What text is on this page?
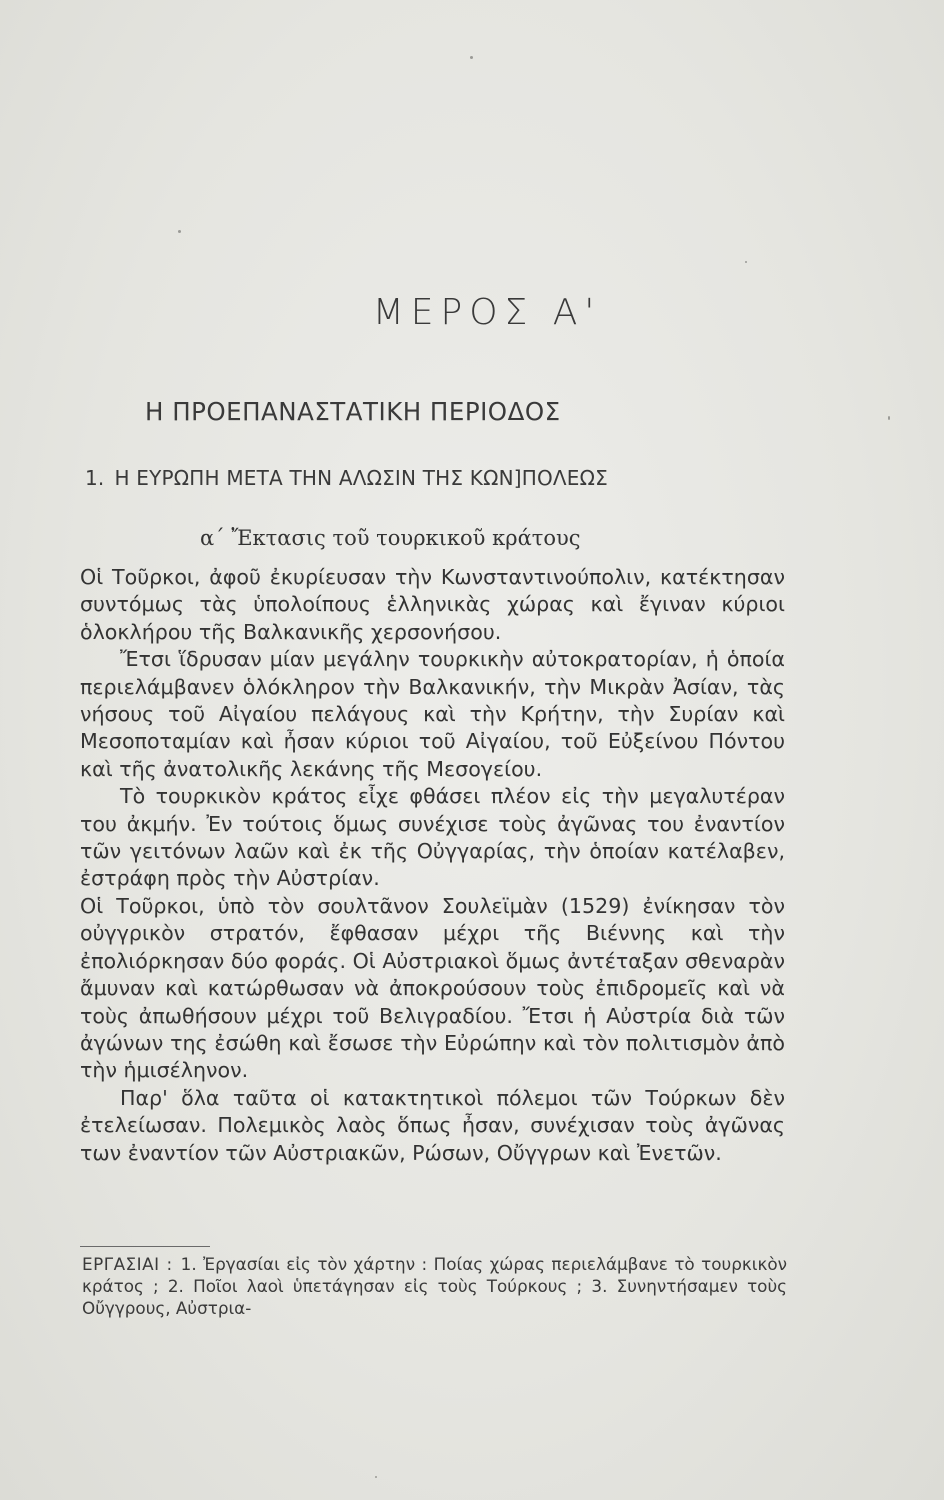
ΜΕΡΟΣ Α'
Η ΠΡΟΕΠΑΝΑΣΤΑΤΙΚΗ ΠΕΡΙΟΔΟΣ
1. Η ΕΥΡΩΠΗ ΜΕΤΑ ΤΗΝ ΑΛΩΣΙΝ ΤΗΣ ΚΩΝ]ΠΟΛΕΩΣ
α΄ Ἔκτασις τοῦ τουρκικοῦ κράτους

Οἱ Τοῦρκοι, ἀφοῦ ἐκυρίευσαν τὴν Κωνσταντινούπολιν, κατέκτησαν συντόμως τὰς ὑπολοίπους ἑλληνικὰς χώρας καὶ ἔγιναν κύριοι ὁλοκλήρου τῆς Βαλκανικῆς χερσονήσου.

Ἔτσι ἵδρυσαν μίαν μεγάλην τουρκικὴν αὐτοκρατορίαν, ἡ ὁποία περιελάμβανεν ὁλόκληρον τὴν Βαλκανικήν, τὴν Μικρὰν Ἀσίαν, τὰς νήσους τοῦ Αἰγαίου πελάγους καὶ τὴν Κρήτην, τὴν Συρίαν καὶ Μεσοποταμίαν καὶ ἦσαν κύριοι τοῦ Αἰγαίου, τοῦ Εὐξείνου Πόντου καὶ τῆς ἀνατολικῆς λεκάνης τῆς Μεσογείου.

Τὸ τουρκικὸν κράτος εἶχε φθάσει πλέον εἰς τὴν μεγαλυτέραν του ἀκμήν. Ἐν τούτοις ὅμως συνέχισε τοὺς ἀγῶνας του ἐναντίον τῶν γειτόνων λαῶν καὶ ἐκ τῆς Οὐγγαρίας, τὴν ὁποίαν κατέλαβεν, ἐστράφη πρὸς τὴν Αὐστρίαν.

Οἱ Τοῦρκοι, ὑπὸ τὸν σουλτᾶνον Σουλεϊμὰν (1529) ἐνίκησαν τὸν οὐγγρικὸν στρατόν, ἔφθασαν μέχρι τῆς Βιέννης καὶ τὴν ἐπολιόρκησαν δύο φοράς. Οἱ Αὐστριακοὶ ὅμως ἀντέταξαν σθεναρὰν ἄμυναν καὶ κατώρθωσαν νὰ ἀποκρούσουν τοὺς ἐπιδρομεῖς καὶ νὰ τοὺς ἀπωθήσουν μέχρι τοῦ Βελιγραδίου. Ἔτσι ἡ Αὐστρία διὰ τῶν ἀγώνων της ἐσώθη καὶ ἔσωσε τὴν Εὐρώπην καὶ τὸν πολιτισμὸν ἀπὸ τὴν ἡμισέληνον.

Παρ' ὅλα ταῦτα οἱ κατακτητικοὶ πόλεμοι τῶν Τούρκων δὲν ἐτελείωσαν. Πολεμικὸς λαὸς ὅπως ἦσαν, συνέχισαν τοὺς ἀγῶνας των ἐναντίον τῶν Αὐστριακῶν, Ρώσων, Οὔγγρων καὶ Ἐνετῶν.

ΕΡΓΑΣΙΑΙ : 1. Ἐργασίαι εἰς τὸν χάρτην : Ποίας χώρας περιελάμβανε τὸ τουρκικὸν κράτος ; 2. Ποῖοι λαοὶ ὑπετάγησαν εἰς τοὺς Τούρκους ; 3. Συνηντήσαμεν τοὺς Οὔγγρους, Αὐστρια-
